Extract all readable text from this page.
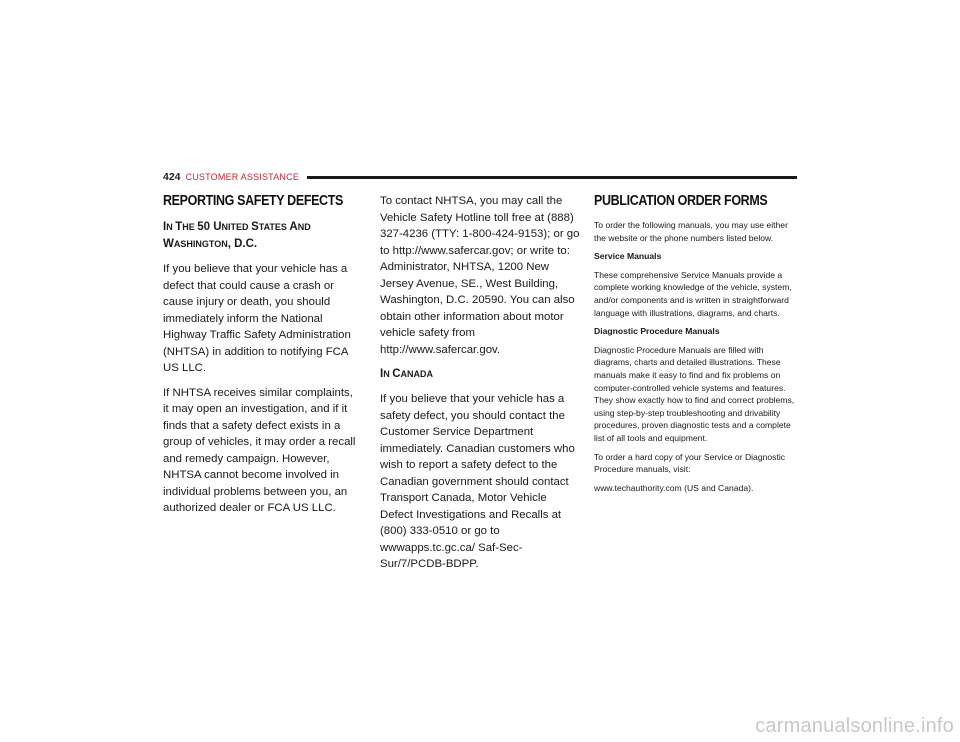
424 CUSTOMER ASSISTANCE
REPORTING SAFETY DEFECTS
IN THE 50 UNITED STATES AND
WASHINGTON, D.C.

If you believe that your vehicle has a defect that could cause a crash or cause injury or death, you should immediately inform the National Highway Traffic Safety Administration (NHTSA) in addition to notifying FCA US LLC.

If NHTSA receives similar complaints, it may open an investigation, and if it finds that a safety defect exists in a group of vehicles, it may order a recall and remedy campaign. However, NHTSA cannot become involved in individual problems between you, an authorized dealer or FCA US LLC.

To contact NHTSA, you may call the Vehicle Safety Hotline toll free at (888) 327-4236 (TTY: 1-800-424-9153); or go to http://www.safercar.gov; or write to: Administrator, NHTSA, 1200 New Jersey Avenue, SE., West Building, Washington, D.C. 20590. You can also obtain other information about motor vehicle safety from http://www.safercar.gov.

IN CANADA

If you believe that your vehicle has a safety defect, you should contact the Customer Service Department immediately. Canadian customers who wish to report a safety defect to the Canadian government should contact Transport Canada, Motor Vehicle Defect Investigations and Recalls at (800) 333-0510 or go to wwwapps.tc.gc.ca/ Saf-Sec-Sur/7/PCDB-BDPP.

PUBLICATION ORDER FORMS

To order the following manuals, you may use either the website or the phone numbers listed below.

Service Manuals

These comprehensive Service Manuals provide a complete working knowledge of the vehicle, system, and/or components and is written in straightforward language with illustrations, diagrams, and charts.

Diagnostic Procedure Manuals

Diagnostic Procedure Manuals are filled with diagrams, charts and detailed illustrations. These manuals make it easy to find and fix problems on computer-controlled vehicle systems and features. They show exactly how to find and correct problems, using step-by-step troubleshooting and drivability procedures, proven diagnostic tests and a complete list of all tools and equipment.

To order a hard copy of your Service or Diagnostic Procedure manuals, visit:

www.techauthority.com (US and Canada).

carmanualsonline.info
